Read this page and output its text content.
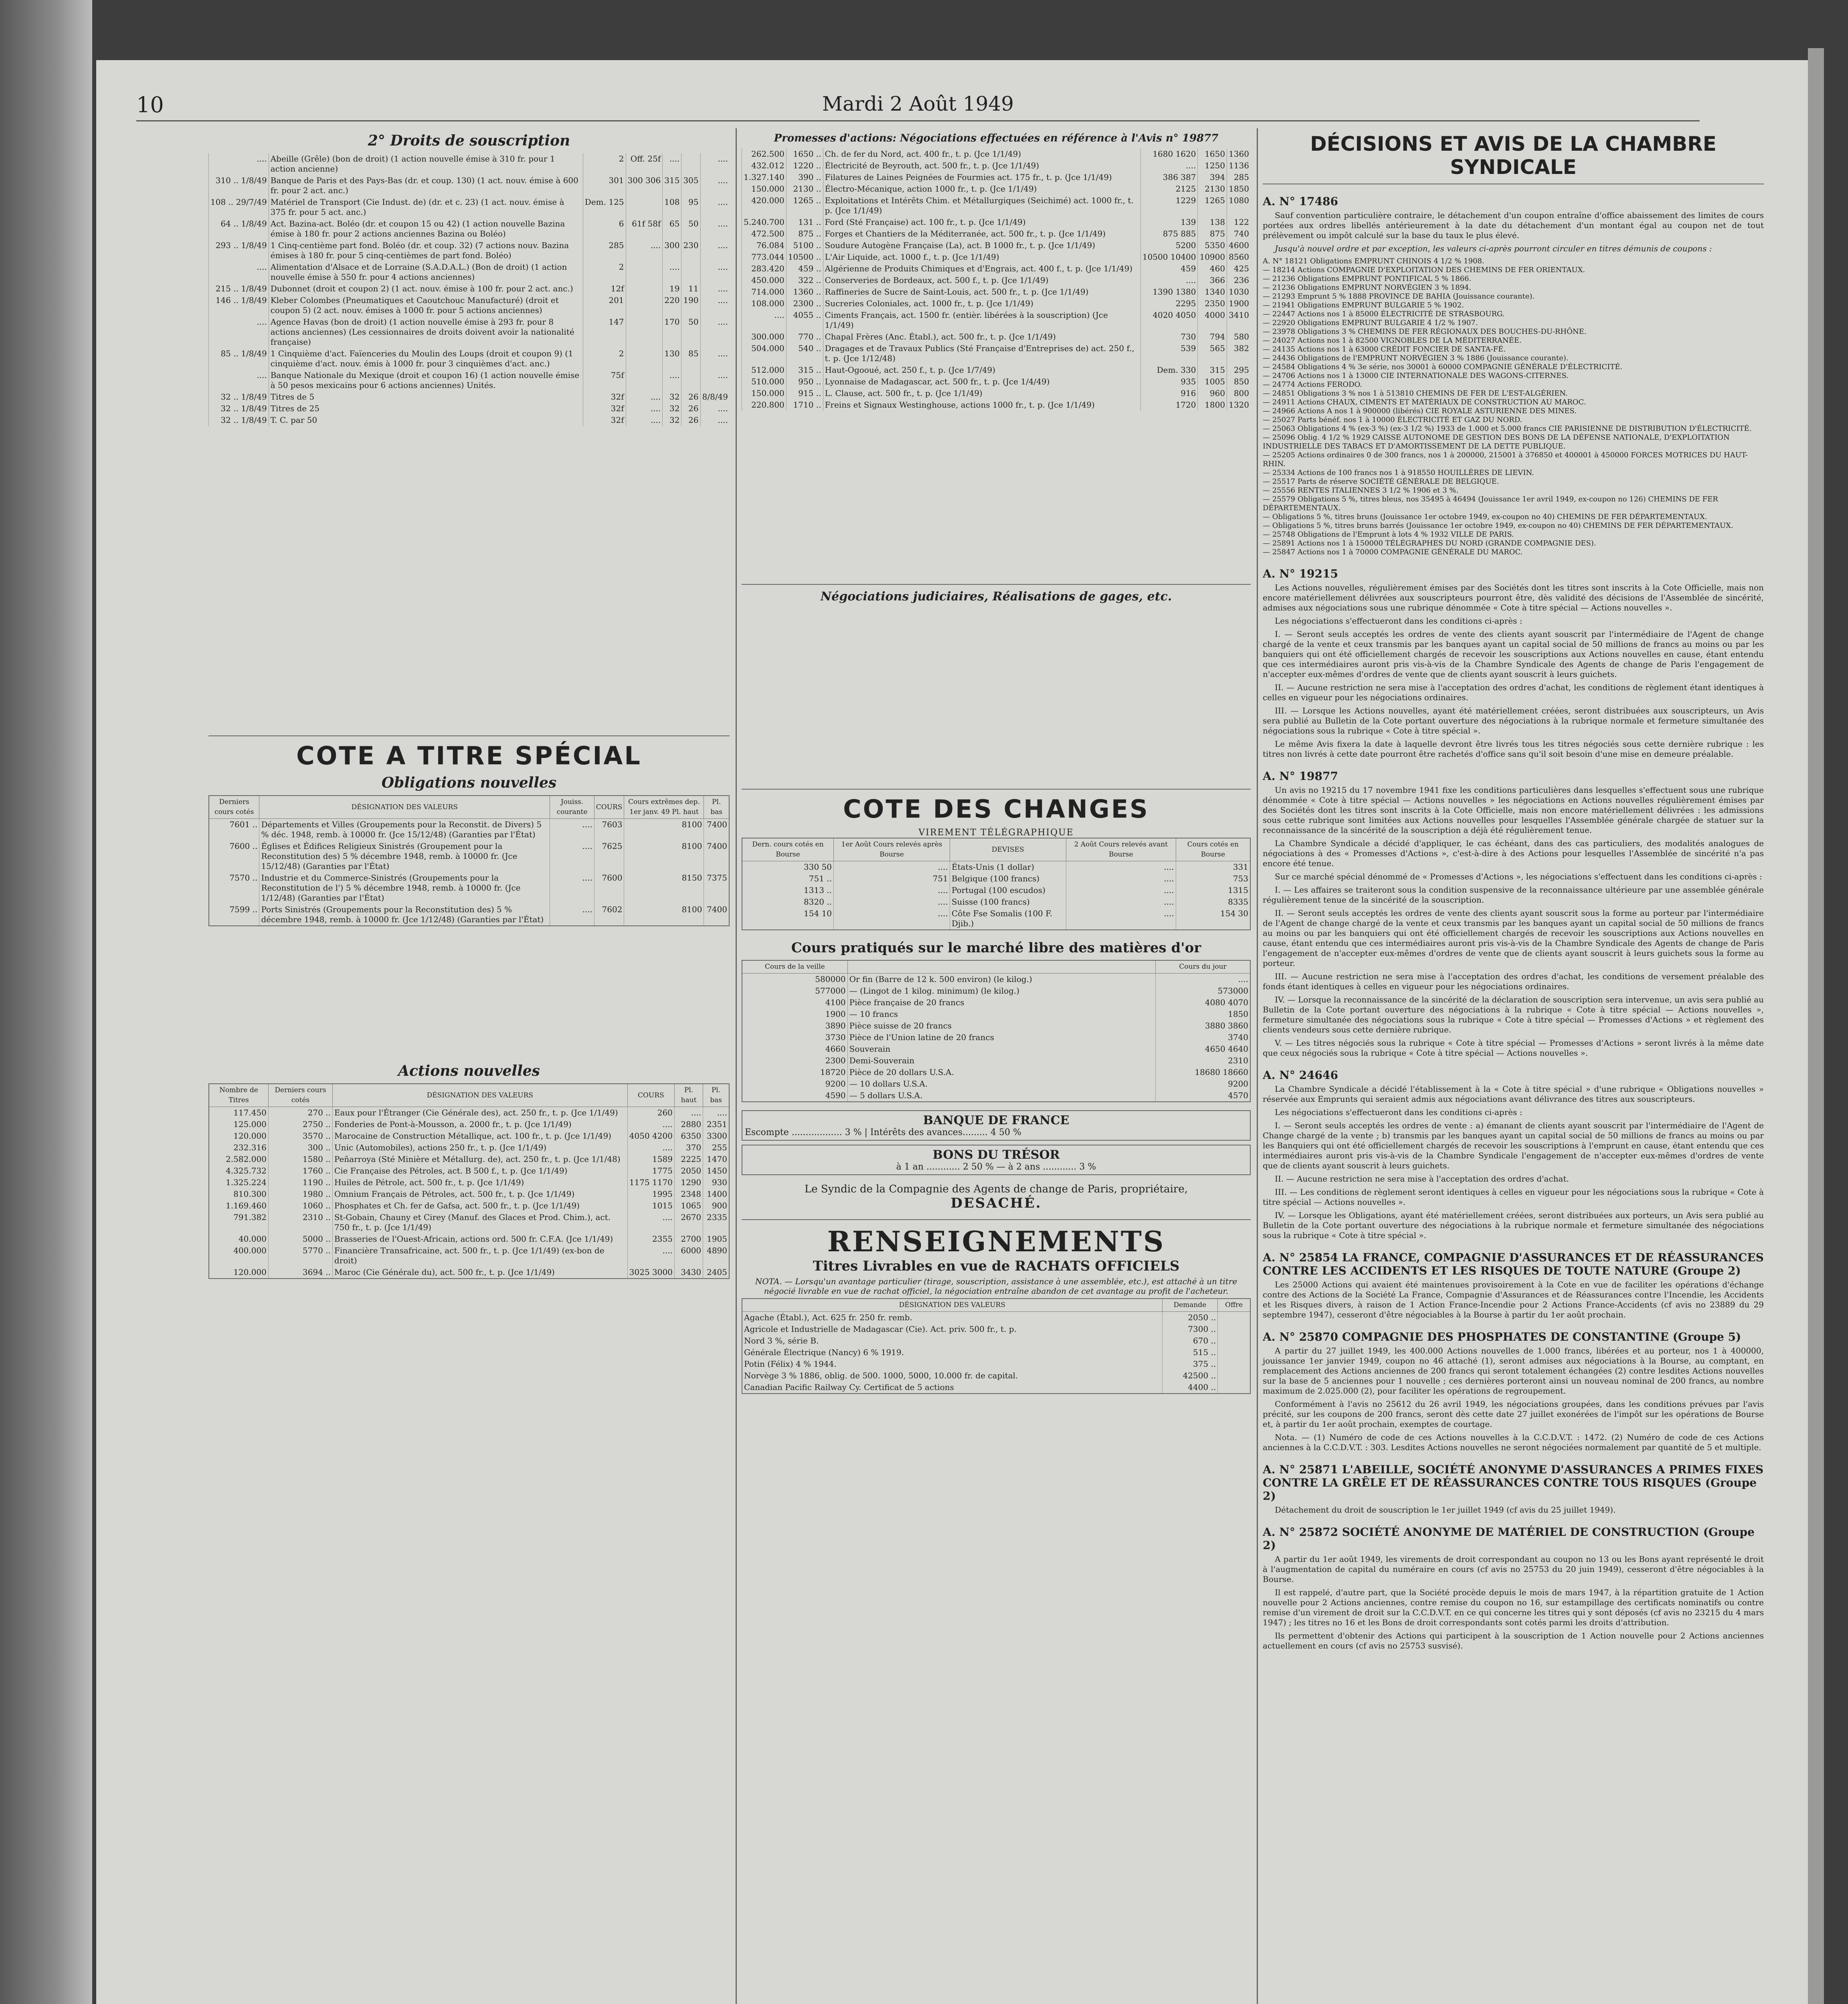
10	Mardi 2 Août 1949
2° Droits de souscription
....	Abeille (Grêle) (bon de droit) (1 action nouvelle émise à 310 fr. pour 1 action ancienne)	2	Off. 25f	....		....
310 .. 1/8/49	Banque de Paris et des Pays-Bas (dr. et coup. 130) (1 act. nouv. émise à 600 fr. pour 2 act. anc.)	301	300 306	315	305	....
108 .. 29/7/49	Matériel de Transport (Cie Indust. de) (dr. et c. 23) (1 act. nouv. émise à 375 fr. pour 5 act. anc.)	Dem. 125		108	95	....
64 .. 1/8/49	Act. Bazina-act. Boléo (dr. et coupon 15 ou 42) (1 action nouvelle Bazina émise à 180 fr. pour 2 actions anciennes Bazina ou Boléo)	6	61f 58f	65	50	....
293 .. 1/8/49	1 Cinq-centième part fond. Boléo (dr. et coup. 32) (7 actions nouv. Bazina émises à 180 fr. pour 5 cinq-centièmes de part fond. Boléo)	285	....	300	230	....
....	Alimentation d'Alsace et de Lorraine (S.A.D.A.L.) (Bon de droit) (1 action nouvelle émise à 550 fr. pour 4 actions anciennes)	2		....		....
215 .. 1/8/49	Dubonnet (droit et coupon 2) (1 act. nouv. émise à 100 fr. pour 2 act. anc.)	12f		19	11	....
146 .. 1/8/49	Kleber Colombes (Pneumatiques et Caoutchouc Manufacturé) (droit et coupon 5) (2 act. nouv. émises à 1000 fr. pour 5 actions anciennes)	201		220	190	....
....	Agence Havas (bon de droit) (1 action nouvelle émise à 293 fr. pour 8 actions anciennes) (Les cessionnaires de droits doivent avoir la nationalité française)	147		170	50	....
85 .. 1/8/49	1 Cinquième d'act. Faïenceries du Moulin des Loups (droit et coupon 9) (1 cinquième d'act. nouv. émis à 1000 fr. pour 3 cinquièmes d'act. anc.)	2		130	85	....
....	Banque Nationale du Mexique (droit et coupon 16) (1 action nouvelle émise à 50 pesos mexicains pour 6 actions anciennes) Unités.	75f		....		....
32 .. 1/8/49	Titres de 5	32f	....	32	26	8/8/49
32 .. 1/8/49	Titres de 25	32f	....	32	26	....
32 .. 1/8/49	T. C. par 50	32f	....	32	26	....
COTE A TITRE SPÉCIAL
Obligations nouvelles
Derniers cours cotés	DÉSIGNATION DES VALEURS	Jouiss. courante	COURS	Cours extrêmes dep. 1er janv. 49 Pl. haut	Pl. bas
7601 ..	Départements et Villes (Groupements pour la Reconstit. de Divers) 5 % déc. 1948, remb. à 10000 fr. (Jce 15/12/48) (Garanties par l'État)	....	7603	8100	7400
7600 ..	Églises et Édifices Religieux Sinistrés (Groupement pour la Reconstitution des) 5 % décembre 1948, remb. à 10000 fr. (Jce 15/12/48) (Garanties par l'État)	....	7625	8100	7400
7570 ..	Industrie et du Commerce-Sinistrés (Groupements pour la Reconstitution de l') 5 % décembre 1948, remb. à 10000 fr. (Jce 1/12/48) (Garanties par l'État)	....	7600	8150	7375
7599 ..	Ports Sinistrés (Groupements pour la Reconstitution des) 5 % décembre 1948, remb. à 10000 fr. (Jce 1/12/48) (Garanties par l'État)	....	7602	8100	7400
Actions nouvelles
Nombre de Titres	Derniers cours cotés	DÉSIGNATION DES VALEURS	COURS	Pl. haut	Pl. bas
117.450	270 ..	Eaux pour l'Étranger (Cie Générale des), act. 250 fr., t. p. (Jce 1/1/49)	260	....	....
125.000	2750 ..	Fonderies de Pont-à-Mousson, a. 2000 fr., t. p. (Jce 1/1/49)	....	2880	2351
120.000	3570 ..	Marocaine de Construction Métallique, act. 100 fr., t. p. (Jce 1/1/49)	4050 4200	6350	3300
232.316	300 ..	Unic (Automobiles), actions 250 fr., t. p. (Jce 1/1/49)	....	370	255
2.582.000	1580 ..	Peñarroya (Sté Minière et Métallurg. de), act. 250 fr., t. p. (Jce 1/1/48)	1589	2225	1470
4.325.732	1760 ..	Cie Française des Pétroles, act. B 500 f., t. p. (Jce 1/1/49)	1775	2050	1450
1.325.224	1190 ..	Huiles de Pétrole, act. 500 fr., t. p. (Jce 1/1/49)	1175 1170	1290	930
810.300	1980 ..	Omnium Français de Pétroles, act. 500 fr., t. p. (Jce 1/1/49)	1995	2348	1400
1.169.460	1060 ..	Phosphates et Ch. fer de Gafsa, act. 500 fr., t. p. (Jce 1/1/49)	1015	1065	900
791.382	2310 ..	St-Gobain, Chauny et Cirey (Manuf. des Glaces et Prod. Chim.), act. 750 fr., t. p. (Jce 1/1/49)	....	2670	2335
40.000	5000 ..	Brasseries de l'Ouest-Africain, actions ord. 500 fr. C.F.A. (Jce 1/1/49)	2355	2700	1905
400.000	5770 ..	Financière Transafricaine, act. 500 fr., t. p. (Jce 1/1/49) (ex-bon de droit)	....	6000	4890
120.000	3694 ..	Maroc (Cie Générale du), act. 500 fr., t. p. (Jce 1/1/49)	3025 3000	3430	2405
Promesses d'actions: Négociations effectuées en référence à l'Avis n° 19877
262.500	1650 ..	Ch. de fer du Nord, act. 400 fr., t. p. (Jce 1/1/49)	1680 1620	1650	1360
432.012	1220 ..	Électricité de Beyrouth, act. 500 fr., t. p. (Jce 1/1/49)	....	1250	1136
1.327.140	390 ..	Filatures de Laines Peignées de Fourmies act. 175 fr., t. p. (Jce 1/1/49)	386 387	394	285
150.000	2130 ..	Électro-Mécanique, action 1000 fr., t. p. (Jce 1/1/49)	2125	2130	1850
420.000	1265 ..	Exploitations et Intérêts Chim. et Métallurgiques (Seichimé) act. 1000 fr., t. p. (Jce 1/1/49)	1229	1265	1080
5.240.700	131 ..	Ford (Sté Française) act. 100 fr., t. p. (Jce 1/1/49)	139	138	122
472.500	875 ..	Forges et Chantiers de la Méditerranée, act. 500 fr., t. p. (Jce 1/1/49)	875 885	875	740
76.084	5100 ..	Soudure Autogène Française (La), act. B 1000 fr., t. p. (Jce 1/1/49)	5200	5350	4600
773.044	10500 ..	L'Air Liquide, act. 1000 f., t. p. (Jce 1/1/49)	10500 10400	10900	8560
283.420	459 ..	Algérienne de Produits Chimiques et d'Engrais, act. 400 f., t. p. (Jce 1/1/49)	459	460	425
450.000	322 ..	Conserveries de Bordeaux, act. 500 f., t. p. (Jce 1/1/49)	....	366	236
714.000	1360 ..	Raffineries de Sucre de Saint-Louis, act. 500 fr., t. p. (Jce 1/1/49)	1390 1380	1340	1030
108.000	2300 ..	Sucreries Coloniales, act. 1000 fr., t. p. (Jce 1/1/49)	2295	2350	1900
....	4055 ..	Ciments Français, act. 1500 fr. (entièr. libérées à la souscription) (Jce 1/1/49)	4020 4050	4000	3410
300.000	770 ..	Chapal Frères (Anc. Établ.), act. 500 fr., t. p. (Jce 1/1/49)	730	794	580
504.000	540 ..	Dragages et de Travaux Publics (Sté Française d'Entreprises de) act. 250 f., t. p. (Jce 1/12/48)	539	565	382
512.000	315 ..	Haut-Ogooué, act. 250 f., t. p. (Jce 1/7/49)	Dem. 330	315	295
510.000	950 ..	Lyonnaise de Madagascar, act. 500 fr., t. p. (Jce 1/4/49)	935	1005	850
150.000	915 ..	L. Clause, act. 500 fr., t. p. (Jce 1/1/49)	916	960	800
220.800	1710 ..	Freins et Signaux Westinghouse, actions 1000 fr., t. p. (Jce 1/1/49)	1720	1800	1320
Négociations judiciaires, Réalisations de gages, etc.
COTE DES CHANGES
VIREMENT TÉLÉGRAPHIQUE
Dern. cours cotés en Bourse	1er Août Cours relevés après Bourse	DEVISES	2 Août Cours relevés avant Bourse	Cours cotés en Bourse
330 50	....	États-Unis (1 dollar)	....	331
751 ..	751	Belgique (100 francs)	....	753
1313 ..	....	Portugal (100 escudos)	....	1315
8320 ..	....	Suisse (100 francs)	....	8335
154 10	....	Côte Fse Somalis (100 F. Djib.)	....	154 30
Cours pratiqués sur le marché libre des matières d'or
Cours de la veille		Cours du jour
580000	Or fin (Barre de 12 k. 500 environ) (le kilog.)	....
577000	— (Lingot de 1 kilog. minimum) (le kilog.)	573000
4100	Pièce française de 20 francs	4080 4070
1900	— 10 francs	1850
3890	Pièce suisse de 20 francs	3880 3860
3730	Pièce de l'Union latine de 20 francs	3740
4660	Souverain	4650 4640
2300	Demi-Souverain	2310
18720	Pièce de 20 dollars U.S.A.	18680 18660
9200	— 10 dollars U.S.A.	9200
4590	— 5 dollars U.S.A.	4570
BANQUE DE FRANCE
Escompte .................. 3 % | Intérêts des avances......... 4 50 %
BONS DU TRÉSOR
à 1 an ............ 2 50 % — à 2 ans ............ 3 %
Le Syndic de la Compagnie des Agents de change de Paris, propriétaire,
DESACHÉ.
RENSEIGNEMENTS
Titres Livrables en vue de RACHATS OFFICIELS
NOTA. — Lorsqu'un avantage particulier (tirage, souscription, assistance à une assemblée, etc.), est attaché à un titre négocié livrable en vue de rachat officiel, la négociation entraîne abandon de cet avantage au profit de l'acheteur.
DÉSIGNATION DES VALEURS	Demande	Offre
Agache (Établ.), Act. 625 fr. 250 fr. remb.	2050 ..	
Agricole et Industrielle de Madagascar (Cie). Act. priv. 500 fr., t. p.	7300 ..	
Nord 3 %, série B.	670 ..	
Générale Électrique (Nancy) 6 % 1919.	515 ..	
Potin (Félix) 4 % 1944.	375 ..	
Norvège 3 % 1886, oblig. de 500. 1000, 5000, 10.000 fr. de capital.	42500 ..	
Canadian Pacific Railway Cy. Certificat de 5 actions	4400 ..	
DÉCISIONS ET AVIS DE LA CHAMBRE SYNDICALE
A. N° 17486

Sauf convention particulière contraire, le détachement d'un coupon entraîne d'office abaissement des limites de cours portées aux ordres libellés antérieurement à la date du détachement d'un montant égal au coupon net de tout prélèvement ou impôt calculé sur la base du taux le plus élevé.

Jusqu'à nouvel ordre et par exception, les valeurs ci-après pourront circuler en titres démunis de coupons :

A. N° 18121 Obligations EMPRUNT CHINOIS 4 1/2 % 1908.
— 18214 Actions COMPAGNIE D'EXPLOITATION DES CHEMINS DE FER ORIENTAUX.
— 21236 Obligations EMPRUNT PONTIFICAL 5 % 1866.
— 21236 Obligations EMPRUNT NORVÉGIEN 3 % 1894.
— 21293 Emprunt 5 % 1888 PROVINCE DE BAHIA (Jouissance courante).
— 21941 Obligations EMPRUNT BULGARIE 5 % 1902.
— 22447 Actions nos 1 à 85000 ÉLECTRICITÉ DE STRASBOURG.
— 22920 Obligations EMPRUNT BULGARIE 4 1/2 % 1907.
— 23978 Obligations 3 % CHEMINS DE FER RÉGIONAUX DES BOUCHES-DU-RHÔNE.
— 24027 Actions nos 1 à 82500 VIGNOBLES DE LA MÉDITERRANÉE.
— 24135 Actions nos 1 à 63000 CRÉDIT FONCIER DE SANTA-FÉ.
— 24436 Obligations de l'EMPRUNT NORVÉGIEN 3 % 1886 (Jouissance courante).
— 24584 Obligations 4 % 3e série, nos 30001 à 60000 COMPAGNIE GÉNÉRALE D'ÉLECTRICITÉ.
— 24706 Actions nos 1 à 13000 CIE INTERNATIONALE DES WAGONS-CITERNES.
— 24774 Actions FERODO.
— 24851 Obligations 3 % nos 1 à 513810 CHEMINS DE FER DE L'EST-ALGÉRIEN.
— 24911 Actions CHAUX, CIMENTS ET MATÉRIAUX DE CONSTRUCTION AU MAROC.
— 24966 Actions A nos 1 à 900000 (libérés) CIE ROYALE ASTURIENNE DES MINES.
— 25027 Parts bénéf. nos 1 à 10000 ÉLECTRICITÉ ET GAZ DU NORD.
— 25063 Obligations 4 % (ex-3 %) (ex-3 1/2 %) 1933 de 1.000 et 5.000 francs CIE PARISIENNE DE DISTRIBUTION D'ÉLECTRICITÉ.
— 25096 Oblig. 4 1/2 % 1929 CAISSE AUTONOME DE GESTION DES BONS DE LA DÉFENSE NATIONALE, D'EXPLOITATION INDUSTRIELLE DES TABACS ET D'AMORTISSEMENT DE LA DETTE PUBLIQUE.
— 25205 Actions ordinaires 0 de 300 francs, nos 1 à 200000, 215001 à 376850 et 400001 à 450000 FORCES MOTRICES DU HAUT-RHIN.
— 25334 Actions de 100 francs nos 1 à 918550 HOUILLÈRES DE LIEVIN.
— 25517 Parts de réserve SOCIÉTÉ GÉNÉRALE DE BELGIQUE.
— 25556 RENTES ITALIENNES 3 1/2 % 1906 et 3 %.
— 25579 Obligations 5 %, titres bleus, nos 35495 à 46494 (Jouissance 1er avril 1949, ex-coupon no 126) CHEMINS DE FER DÉPARTEMENTAUX.
— Obligations 5 %, titres bruns (Jouissance 1er octobre 1949, ex-coupon no 40) CHEMINS DE FER DÉPARTEMENTAUX.
— Obligations 5 %, titres bruns barrés (Jouissance 1er octobre 1949, ex-coupon no 40) CHEMINS DE FER DÉPARTEMENTAUX.
— 25748 Obligations de l'Emprunt à lots 4 % 1932 VILLE DE PARIS.
— 25891 Actions nos 1 à 150000 TÉLÉGRAPHES DU NORD (GRANDE COMPAGNIE DES).
— 25847 Actions nos 1 à 70000 COMPAGNIE GÉNÉRALE DU MAROC.
A. N° 19215

Les Actions nouvelles, régulièrement émises par des Sociétés dont les titres sont inscrits à la Cote Officielle, mais non encore matériellement délivrées aux souscripteurs pourront être, dès validité des décisions de l'Assemblée de sincérité, admises aux négociations sous une rubrique dénommée « Cote à titre spécial — Actions nouvelles ».

Les négociations s'effectueront dans les conditions ci-après :

I. — Seront seuls acceptés les ordres de vente des clients ayant souscrit par l'intermédiaire de l'Agent de change chargé de la vente et ceux transmis par les banques ayant un capital social de 50 millions de francs au moins ou par les banquiers qui ont été officiellement chargés de recevoir les souscriptions aux Actions nouvelles en cause, étant entendu que ces intermédiaires auront pris vis-à-vis de la Chambre Syndicale des Agents de change de Paris l'engagement de n'accepter eux-mêmes d'ordres de vente que de clients ayant souscrit à leurs guichets.

II. — Aucune restriction ne sera mise à l'acceptation des ordres d'achat, les conditions de règlement étant identiques à celles en vigueur pour les négociations ordinaires.

III. — Lorsque les Actions nouvelles, ayant été matériellement créées, seront distribuées aux souscripteurs, un Avis sera publié au Bulletin de la Cote portant ouverture des négociations à la rubrique normale et fermeture simultanée des négociations sous la rubrique « Cote à titre spécial ».

Le même Avis fixera la date à laquelle devront être livrés tous les titres négociés sous cette dernière rubrique : les titres non livrés à cette date pourront être rachetés d'office sans qu'il soit besoin d'une mise en demeure préalable.

A. N° 19877

Un avis no 19215 du 17 novembre 1941 fixe les conditions particulières dans lesquelles s'effectuent sous une rubrique dénommée « Cote à titre spécial — Actions nouvelles » les négociations en Actions nouvelles régulièrement émises par des Sociétés dont les titres sont inscrits à la Cote Officielle, mais non encore matériellement délivrées : les admissions sous cette rubrique sont limitées aux Actions nouvelles pour lesquelles l'Assemblée générale chargée de statuer sur la reconnaissance de la sincérité de la souscription a déjà été régulièrement tenue.

La Chambre Syndicale a décidé d'appliquer, le cas échéant, dans des cas particuliers, des modalités analogues de négociations à des « Promesses d'Actions », c'est-à-dire à des Actions pour lesquelles l'Assemblée de sincérité n'a pas encore été tenue.

Sur ce marché spécial dénommé de « Promesses d'Actions », les négociations s'effectuent dans les conditions ci-après :

I. — Les affaires se traiteront sous la condition suspensive de la reconnaissance ultérieure par une assemblée générale régulièrement tenue de la sincérité de la souscription.

II. — Seront seuls acceptés les ordres de vente des clients ayant souscrit sous la forme au porteur par l'intermédiaire de l'Agent de change chargé de la vente et ceux transmis par les banques ayant un capital social de 50 millions de francs au moins ou par les banquiers qui ont été officiellement chargés de recevoir les souscriptions aux Actions nouvelles en cause, étant entendu que ces intermédiaires auront pris vis-à-vis de la Chambre Syndicale des Agents de change de Paris l'engagement de n'accepter eux-mêmes d'ordres de vente que de clients ayant souscrit à leurs guichets sous la forme au porteur.

III. — Aucune restriction ne sera mise à l'acceptation des ordres d'achat, les conditions de versement préalable des fonds étant identiques à celles en vigueur pour les négociations ordinaires.

IV. — Lorsque la reconnaissance de la sincérité de la déclaration de souscription sera intervenue, un avis sera publié au Bulletin de la Cote portant ouverture des négociations à la rubrique « Cote à titre spécial — Actions nouvelles », fermeture simultanée des négociations sous la rubrique « Cote à titre spécial — Promesses d'Actions » et règlement des clients vendeurs sous cette dernière rubrique.

V. — Les titres négociés sous la rubrique « Cote à titre spécial — Promesses d'Actions » seront livrés à la même date que ceux négociés sous la rubrique « Cote à titre spécial — Actions nouvelles ».

A. N° 24646

La Chambre Syndicale a décidé l'établissement à la « Cote à titre spécial » d'une rubrique « Obligations nouvelles » réservée aux Emprunts qui seraient admis aux négociations avant délivrance des titres aux souscripteurs.

Les négociations s'effectueront dans les conditions ci-après :

I. — Seront seuls acceptés les ordres de vente : a) émanant de clients ayant souscrit par l'intermédiaire de l'Agent de Change chargé de la vente ; b) transmis par les banques ayant un capital social de 50 millions de francs au moins ou par les Banquiers qui ont été officiellement chargés de recevoir les souscriptions à l'emprunt en cause, étant entendu que ces intermédiaires auront pris vis-à-vis de la Chambre Syndicale l'engagement de n'accepter eux-mêmes d'ordres de vente que de clients ayant souscrit à leurs guichets.

II. — Aucune restriction ne sera mise à l'acceptation des ordres d'achat.

III. — Les conditions de règlement seront identiques à celles en vigueur pour les négociations sous la rubrique « Cote à titre spécial — Actions nouvelles ».

IV. — Lorsque les Obligations, ayant été matériellement créées, seront distribuées aux porteurs, un Avis sera publié au Bulletin de la Cote portant ouverture des négociations à la rubrique normale et fermeture simultanée des négociations sous la rubrique « Cote à titre spécial ».

A. N° 25854 LA FRANCE, COMPAGNIE D'ASSURANCES ET DE RÉASSURANCES CONTRE LES ACCIDENTS ET LES RISQUES DE TOUTE NATURE (Groupe 2)

Les 25000 Actions qui avaient été maintenues provisoirement à la Cote en vue de faciliter les opérations d'échange contre des Actions de la Société La France, Compagnie d'Assurances et de Réassurances contre l'Incendie, les Accidents et les Risques divers, à raison de 1 Action France-Incendie pour 2 Actions France-Accidents (cf avis no 23889 du 29 septembre 1947), cesseront d'être négociables à la Bourse à partir du 1er août prochain.

A. N° 25870 COMPAGNIE DES PHOSPHATES DE CONSTANTINE (Groupe 5)

A partir du 27 juillet 1949, les 400.000 Actions nouvelles de 1.000 francs, libérées et au porteur, nos 1 à 400000, jouissance 1er janvier 1949, coupon no 46 attaché (1), seront admises aux négociations à la Bourse, au comptant, en remplacement des Actions anciennes de 200 francs qui seront totalement échangées (2) contre lesdites Actions nouvelles sur la base de 5 anciennes pour 1 nouvelle ; ces dernières porteront ainsi un nouveau nominal de 200 francs, au nombre maximum de 2.025.000 (2), pour faciliter les opérations de regroupement.

Conformément à l'avis no 25612 du 26 avril 1949, les négociations groupées, dans les conditions prévues par l'avis précité, sur les coupons de 200 francs, seront dès cette date 27 juillet exonérées de l'impôt sur les opérations de Bourse et, à partir du 1er août prochain, exemptes de courtage.

Nota. — (1) Numéro de code de ces Actions nouvelles à la C.C.D.V.T. : 1472. (2) Numéro de code de ces Actions anciennes à la C.C.D.V.T. : 303. Lesdites Actions nouvelles ne seront négociées normalement par quantité de 5 et multiple.

A. N° 25871 L'ABEILLE, SOCIÉTÉ ANONYME D'ASSURANCES A PRIMES FIXES CONTRE LA GRÊLE ET DE RÉASSURANCES CONTRE TOUS RISQUES (Groupe 2)

Détachement du droit de souscription le 1er juillet 1949 (cf avis du 25 juillet 1949).

A. N° 25872 SOCIÉTÉ ANONYME DE MATÉRIEL DE CONSTRUCTION (Groupe 2)

A partir du 1er août 1949, les virements de droit correspondant au coupon no 13 ou les Bons ayant représenté le droit à l'augmentation de capital du numéraire en cours (cf avis no 25753 du 20 juin 1949), cesseront d'être négociables à la Bourse.

Il est rappelé, d'autre part, que la Société procède depuis le mois de mars 1947, à la répartition gratuite de 1 Action nouvelle pour 2 Actions anciennes, contre remise du coupon no 16, sur estampillage des certificats nominatifs ou contre remise d'un virement de droit sur la C.C.D.V.T. en ce qui concerne les titres qui y sont déposés (cf avis no 23215 du 4 mars 1947) ; les titres no 16 et les Bons de droit correspondants sont cotés parmi les droits d'attribution.

Ils permettent d'obtenir des Actions qui participent à la souscription de 1 Action nouvelle pour 2 Actions anciennes actuellement en cours (cf avis no 25753 susvisé).
